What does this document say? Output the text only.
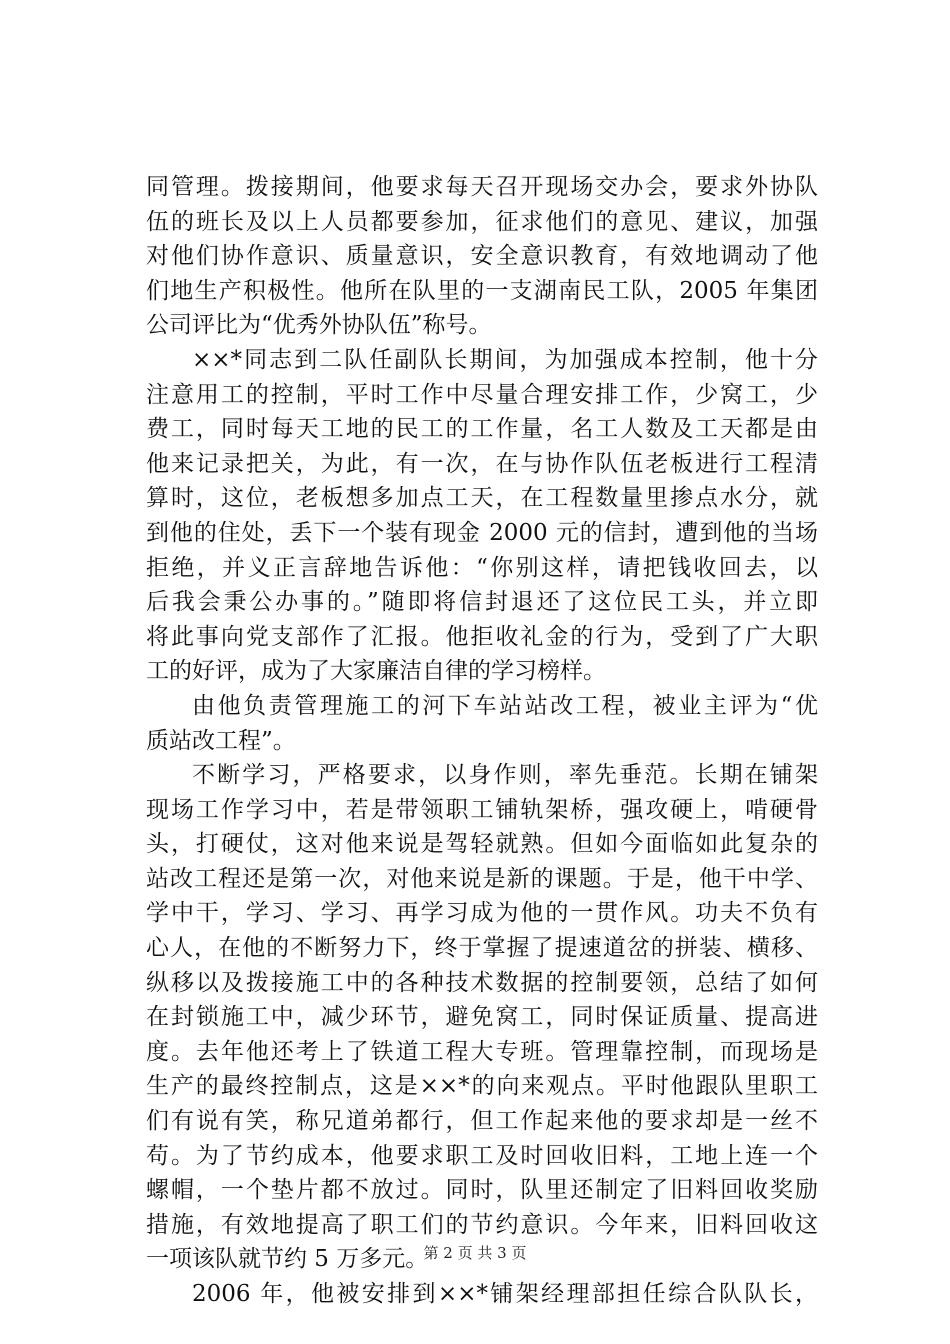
同管理。拨接期间，他要求每天召开现场交办会，要求外协队
伍的班长及以上人员都要参加，征求他们的意见、建议，加强
对他们协作意识、质量意识，安全意识教育，有效地调动了他
们地生产积极性。他所在队里的一支湖南民工队，2005 年集团
公司评比为“优秀外协队伍”称号。
××*同志到二队任副队长期间，为加强成本控制，他十分
注意用工的控制，平时工作中尽量合理安排工作，少窝工，少
费工，同时每天工地的民工的工作量，名工人数及工天都是由
他来记录把关，为此，有一次，在与协作队伍老板进行工程清
算时，这位，老板想多加点工天，在工程数量里掺点水分，就
到他的住处，丢下一个装有现金 2000 元的信封，遭到他的当场
拒绝，并义正言辞地告诉他：“你别这样，请把钱收回去，以
后我会秉公办事的。”随即将信封退还了这位民工头，并立即
将此事向党支部作了汇报。他拒收礼金的行为，受到了广大职
工的好评，成为了大家廉洁自律的学习榜样。
由他负责管理施工的河下车站站改工程，被业主评为“优
质站改工程”。
不断学习，严格要求，以身作则，率先垂范。长期在铺架
现场工作学习中，若是带领职工铺轨架桥，强攻硬上，啃硬骨
头，打硬仗，这对他来说是驾轻就熟。但如今面临如此复杂的
站改工程还是第一次，对他来说是新的课题。于是，他干中学、
学中干，学习、学习、再学习成为他的一贯作风。功夫不负有
心人，在他的不断努力下，终于掌握了提速道岔的拼装、横移、
纵移以及拨接施工中的各种技术数据的控制要领，总结了如何
在封锁施工中，减少环节，避免窝工，同时保证质量、提高进
度。去年他还考上了铁道工程大专班。管理靠控制，而现场是
生产的最终控制点，这是××*的向来观点。平时他跟队里职工
们有说有笑，称兄道弟都行，但工作起来他的要求却是一丝不
苟。为了节约成本，他要求职工及时回收旧料，工地上连一个
螺帽，一个垫片都不放过。同时，队里还制定了旧料回收奖励
措施，有效地提高了职工们的节约意识。今年来，旧料回收这
一项该队就节约 5 万多元。
2006 年，他被安排到××*铺架经理部担任综合队队长，
第 2 页 共 3 页
